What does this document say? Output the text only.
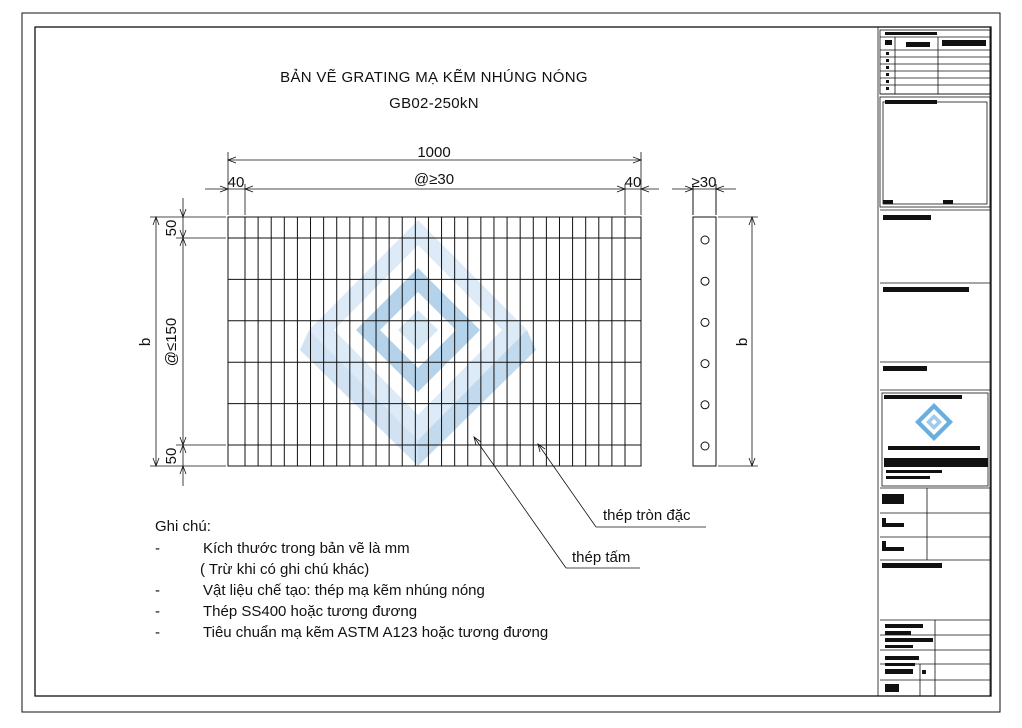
BẢN VẼ GRATING MẠ KẼM NHÚNG NÓNG
GB02-250kN
1000
40	@≥30	40
b
50
@≤150
50
≥30
b
thép tròn đặc
thép tấm
Ghi chú:
-	Kích thước trong bản vẽ là mm
( Trừ khi có ghi chú khác)
-	Vật liệu chế tạo: thép mạ kẽm nhúng nóng
-	Thép SS400 hoặc tương đương
-	Tiêu chuẩn mạ kẽm ASTM A123 hoặc tương đương
